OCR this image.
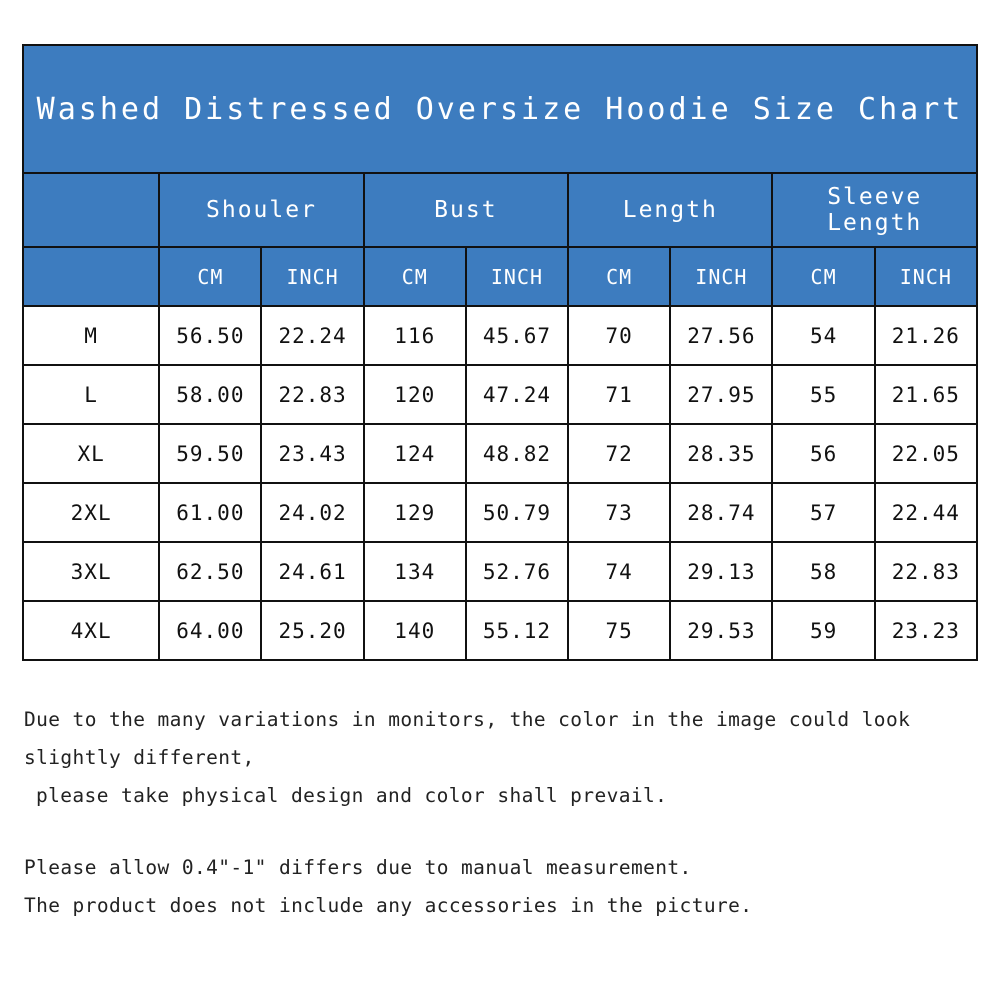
Washed Distressed Oversize Hoodie Size Chart								
	Shouler		Bust		Length		Sleeve Length	
	CM	INCH	CM	INCH	CM	INCH	CM	INCH
M	56.50	22.24	116	45.67	70	27.56	54	21.26
L	58.00	22.83	120	47.24	71	27.95	55	21.65
XL	59.50	23.43	124	48.82	72	28.35	56	22.05
2XL	61.00	24.02	129	50.79	73	28.74	57	22.44
3XL	62.50	24.61	134	52.76	74	29.13	58	22.83
4XL	64.00	25.20	140	55.12	75	29.53	59	23.23

Due to the many variations in monitors, the color in the image could look slightly different,

please take physical design and color shall prevail.

Please allow 0.4"-1" differs due to manual measurement.

The product does not include any accessories in the picture.
